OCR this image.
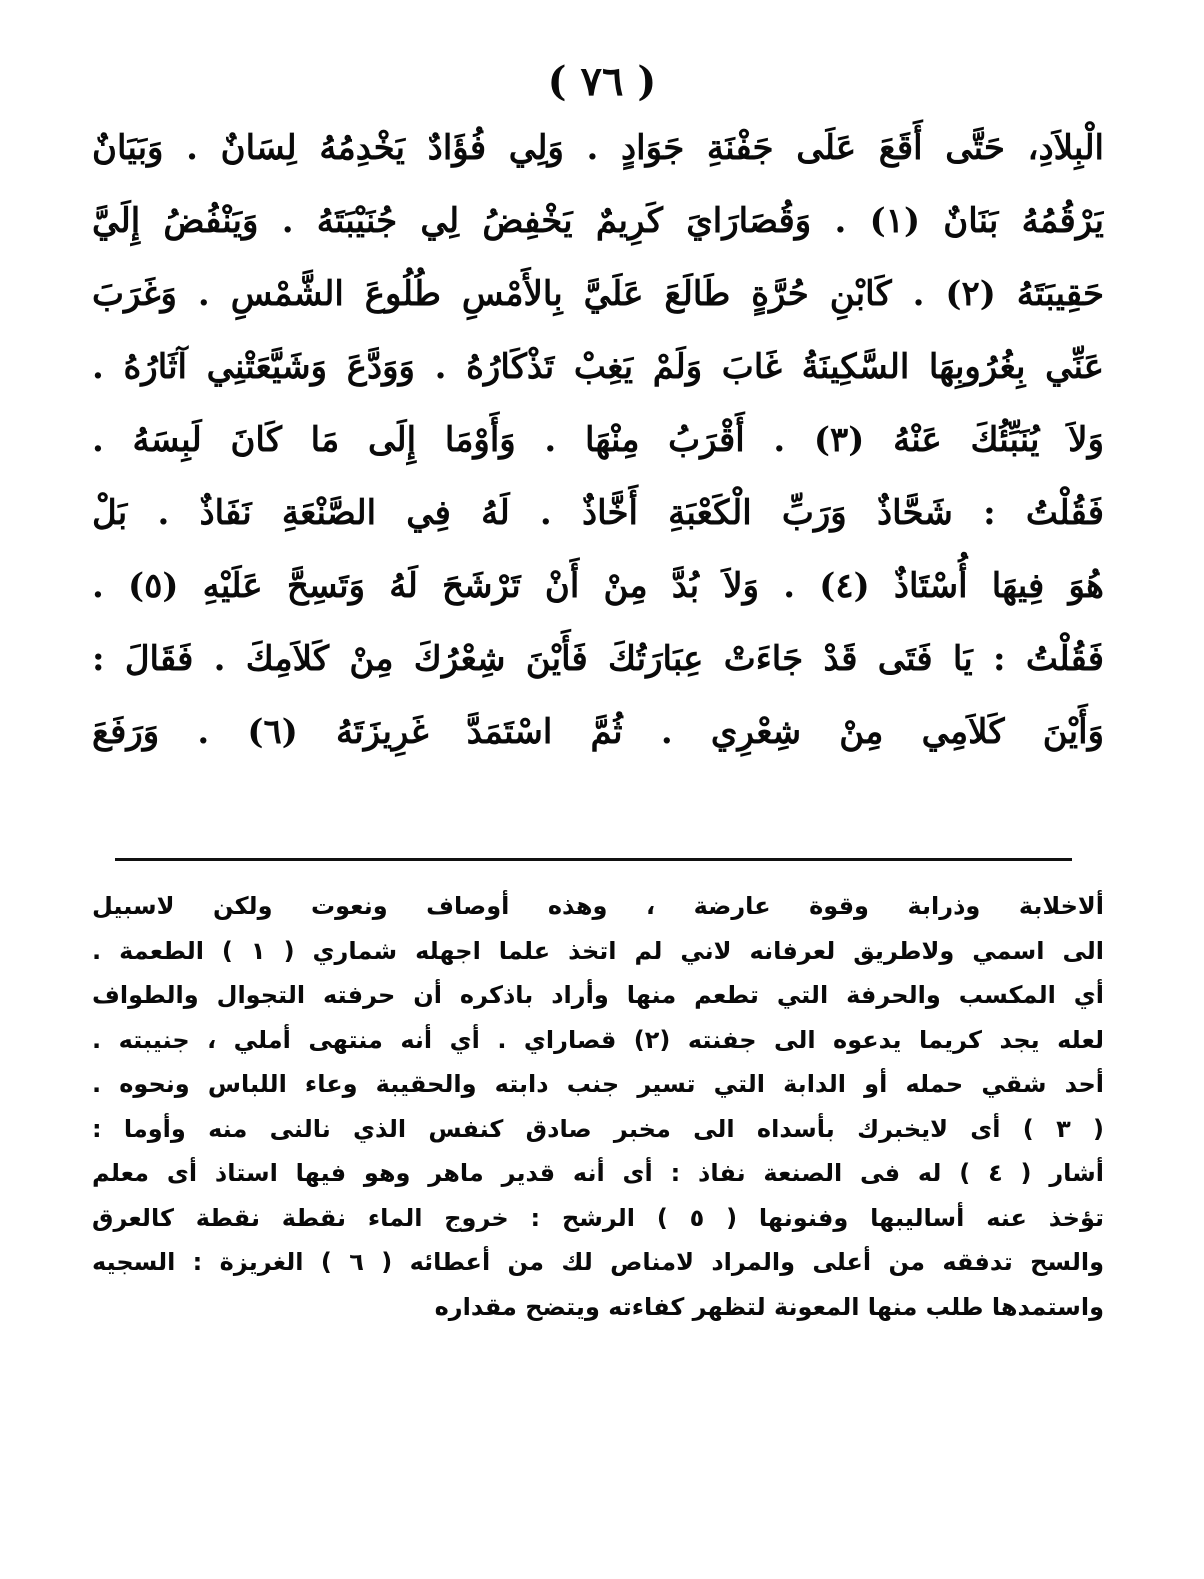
( ٧٦ )
الْبِلاَدِ، حَتَّى أَقَعَ عَلَى جَفْنَةِ جَوَادٍ . وَلِي فُؤَادٌ يَخْدِمُهُ لِسَانٌ . وَبَيَانٌ
يَرْقُمُهُ بَنَانٌ (١) . وَقُصَارَايَ كَرِيمٌ يَخْفِضُ لِي جُنَيْبَتَهُ . وَيَنْفُضُ إِلَيَّ
حَقِيبَتَهُ (٢) . كَابْنِ حُرَّةٍ طَالَعَ عَلَيَّ بِالأَمْسِ طُلُوعَ الشَّمْسِ . وَغَرَبَ
عَنِّي بِغُرُوبِهَا السَّكِينَةُ غَابَ وَلَمْ يَغِبْ تَذْكَارُهُ . وَوَدَّعَ وَشَيَّعَتْنِي آثَارُهُ .
وَلاَ يُنَبِّئُكَ عَنْهُ (٣) . أَقْرَبُ مِنْهَا . وَأَوْمَا إِلَى مَا كَانَ لَبِسَهُ .
فَقُلْتُ : شَحَّاذٌ وَرَبِّ الْكَعْبَةِ أَخَّاذٌ . لَهُ فِي الصَّنْعَةِ نَفَاذٌ . بَلْ
هُوَ فِيهَا أُسْتَاذٌ (٤) . وَلاَ بُدَّ مِنْ أَنْ تَرْشَحَ لَهُ وَتَسِحَّ عَلَيْهِ (٥) .
فَقُلْتُ : يَا فَتَى قَدْ جَاءَتْ عِبَارَتُكَ فَأَيْنَ شِعْرُكَ مِنْ كَلاَمِكَ . فَقَالَ :
وَأَيْنَ كَلاَمِي مِنْ شِعْرِي . ثُمَّ اسْتَمَدَّ غَرِيزَتَهُ (٦) . وَرَفَعَ
ألاخلابة وذرابة وقوة عارضة ، وهذه أوصاف ونعوت ولكن لاسبيل
الى اسمي ولاطريق لعرفانه لاني لم اتخذ علما اجهله شماري ( ١ ) الطعمة .
أي المكسب والحرفة التي تطعم منها وأراد باذكره أن حرفته التجوال والطواف
لعله يجد كريما يدعوه الى جفنته (٢) قصاراي . أي أنه منتهى أملي ، جنيبته .
أحد شقي حمله أو الدابة التي تسير جنب دابته والحقيبة وعاء اللباس ونحوه .
( ٣ ) أى لايخبرك بأسداه الى مخبر صادق كنفس الذي نالنى منه وأوما :
أشار ( ٤ ) له فى الصنعة نفاذ : أى أنه قدير ماهر وهو فيها استاذ أى معلم
تؤخذ عنه أساليبها وفنونها ( ٥ ) الرشح : خروج الماء نقطة نقطة كالعرق
والسح تدفقه من أعلى والمراد لامناص لك من أعطائه ( ٦ ) الغريزة : السجيه
واستمدها طلب منها المعونة لتظهر كفاءته ويتضح مقداره
